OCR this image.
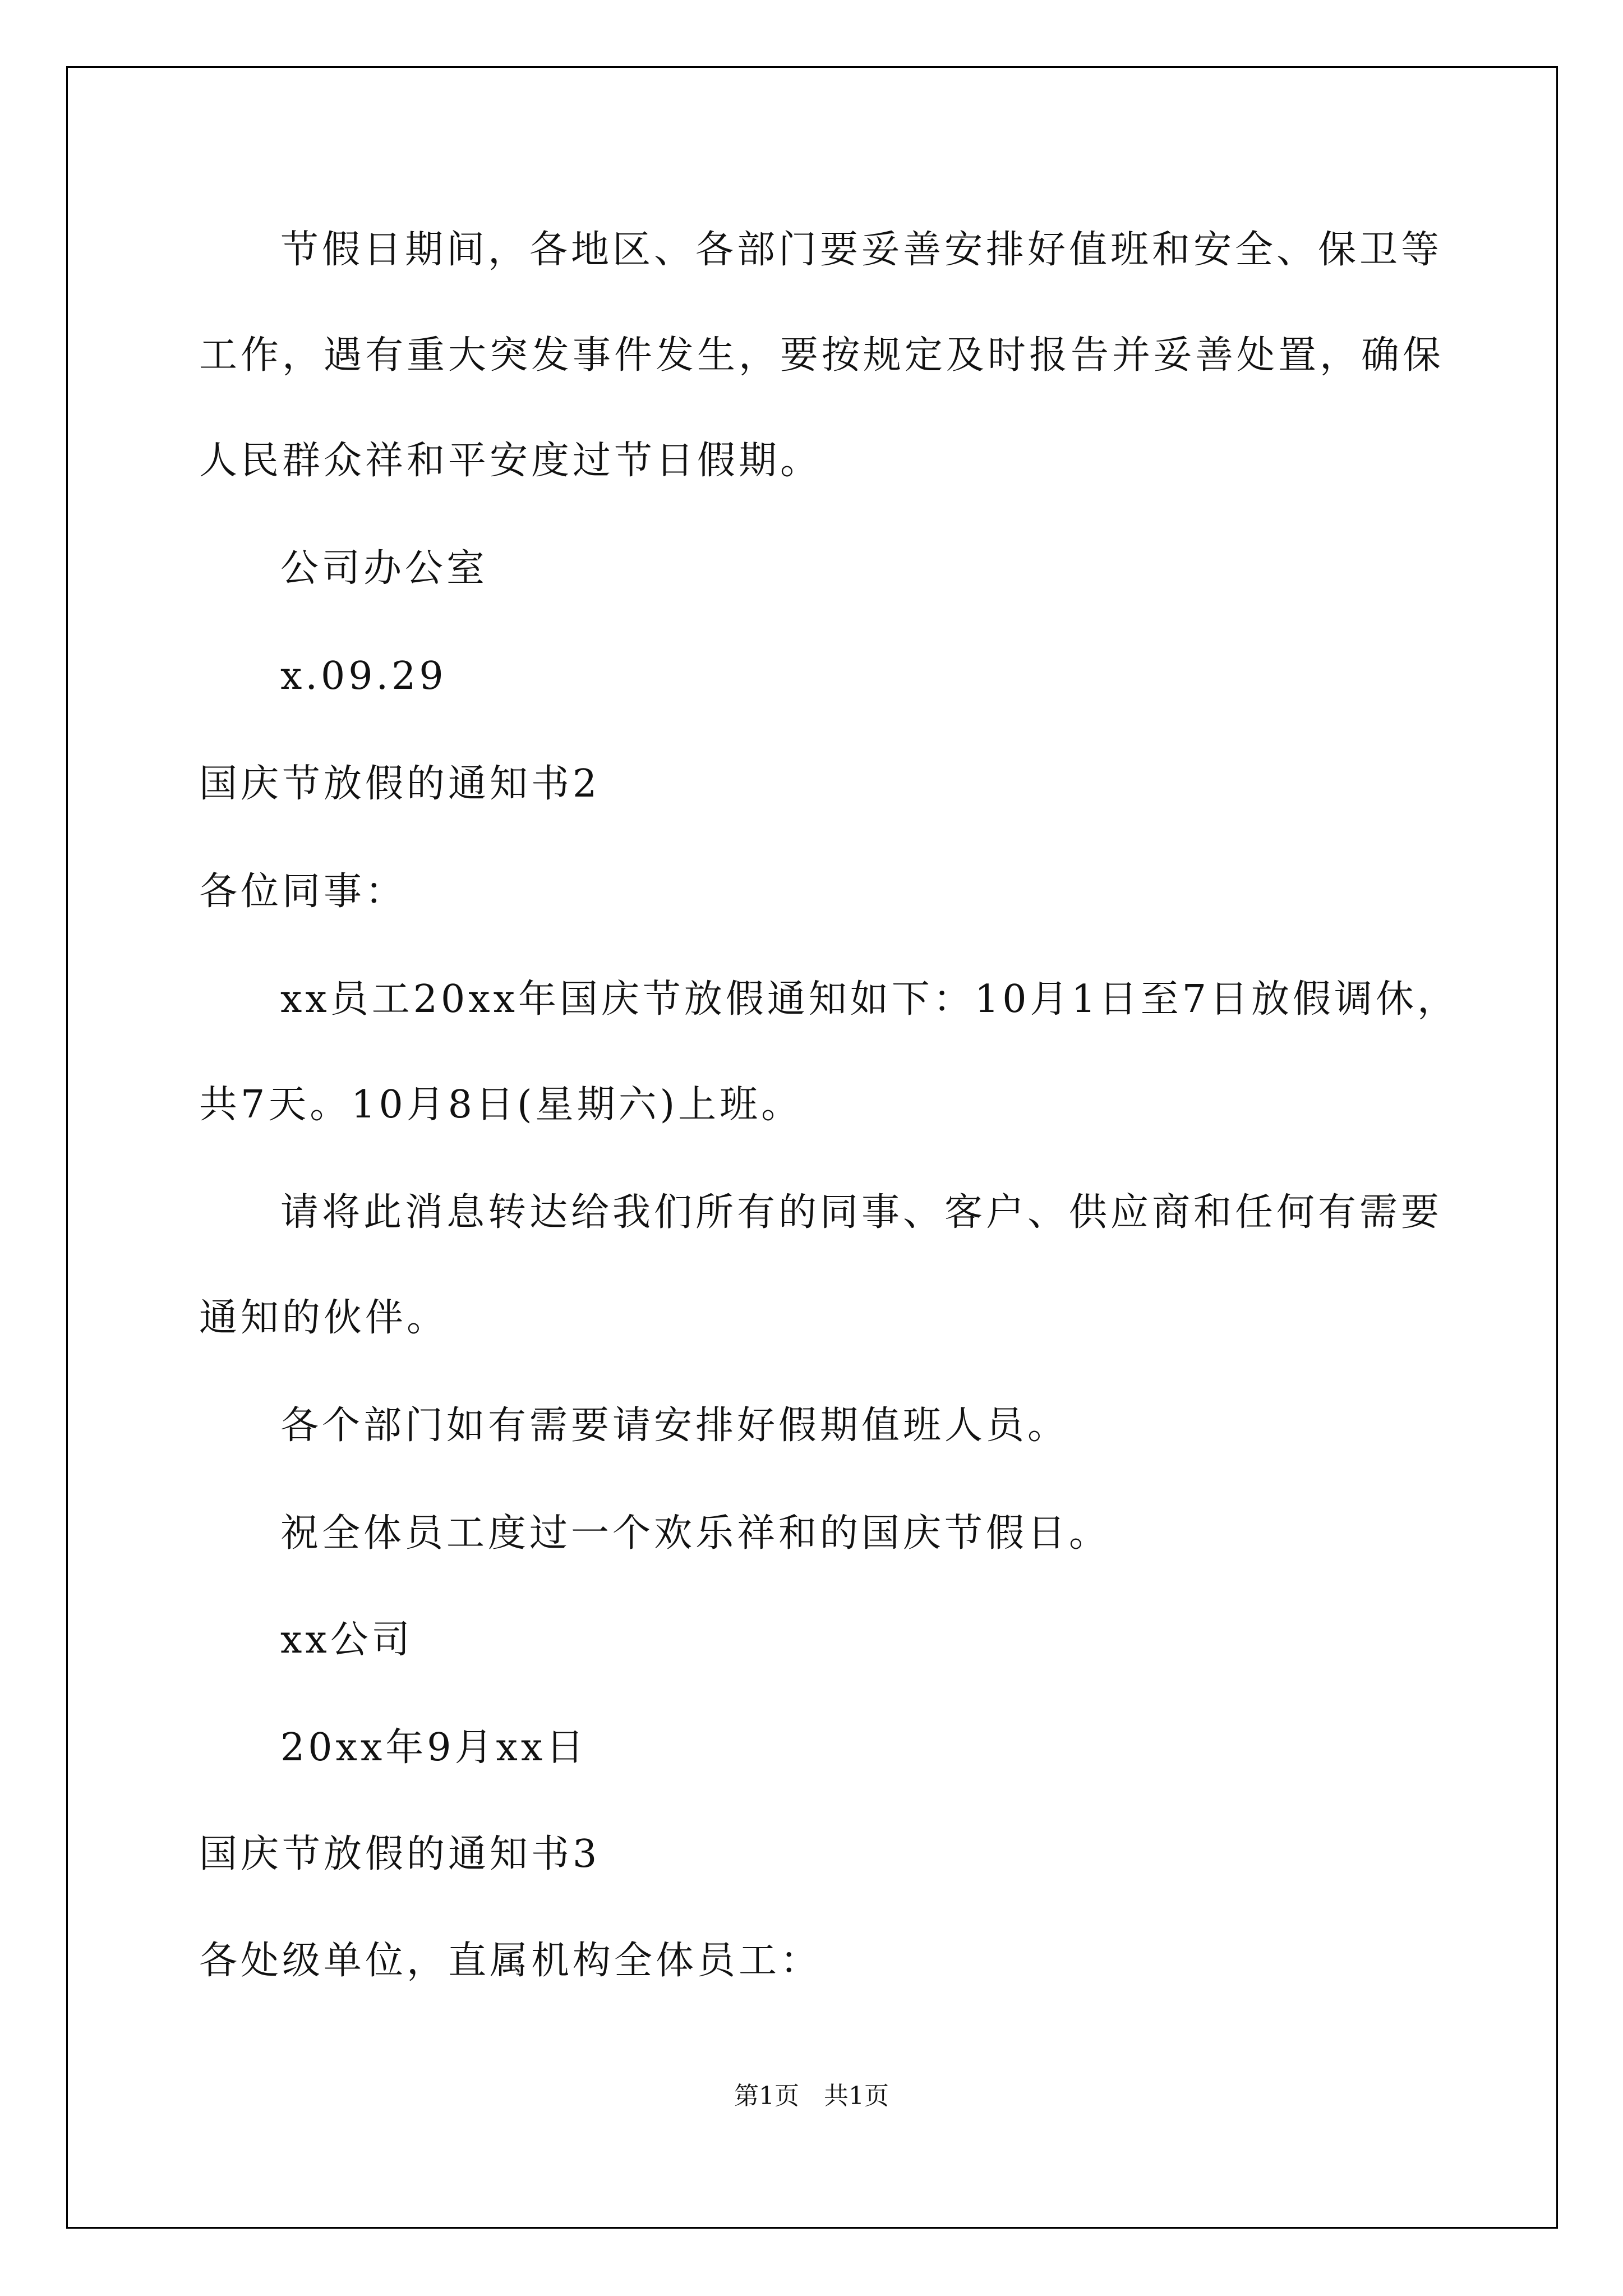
节假日期间，各地区、各部门要妥善安排好值班和安全、保卫等
工作，遇有重大突发事件发生，要按规定及时报告并妥善处置，确保
人民群众祥和平安度过节日假期。
公司办公室
x.09.29
国庆节放假的通知书2
各位同事：
xx员工20xx年国庆节放假通知如下：10月1日至7日放假调休，
共7天。10月8日(星期六)上班。
请将此消息转达给我们所有的同事、客户、供应商和任何有需要
通知的伙伴。
各个部门如有需要请安排好假期值班人员。
祝全体员工度过一个欢乐祥和的国庆节假日。
xx公司
20xx年9月xx日
国庆节放假的通知书3
各处级单位，直属机构全体员工：
第1页　共1页
